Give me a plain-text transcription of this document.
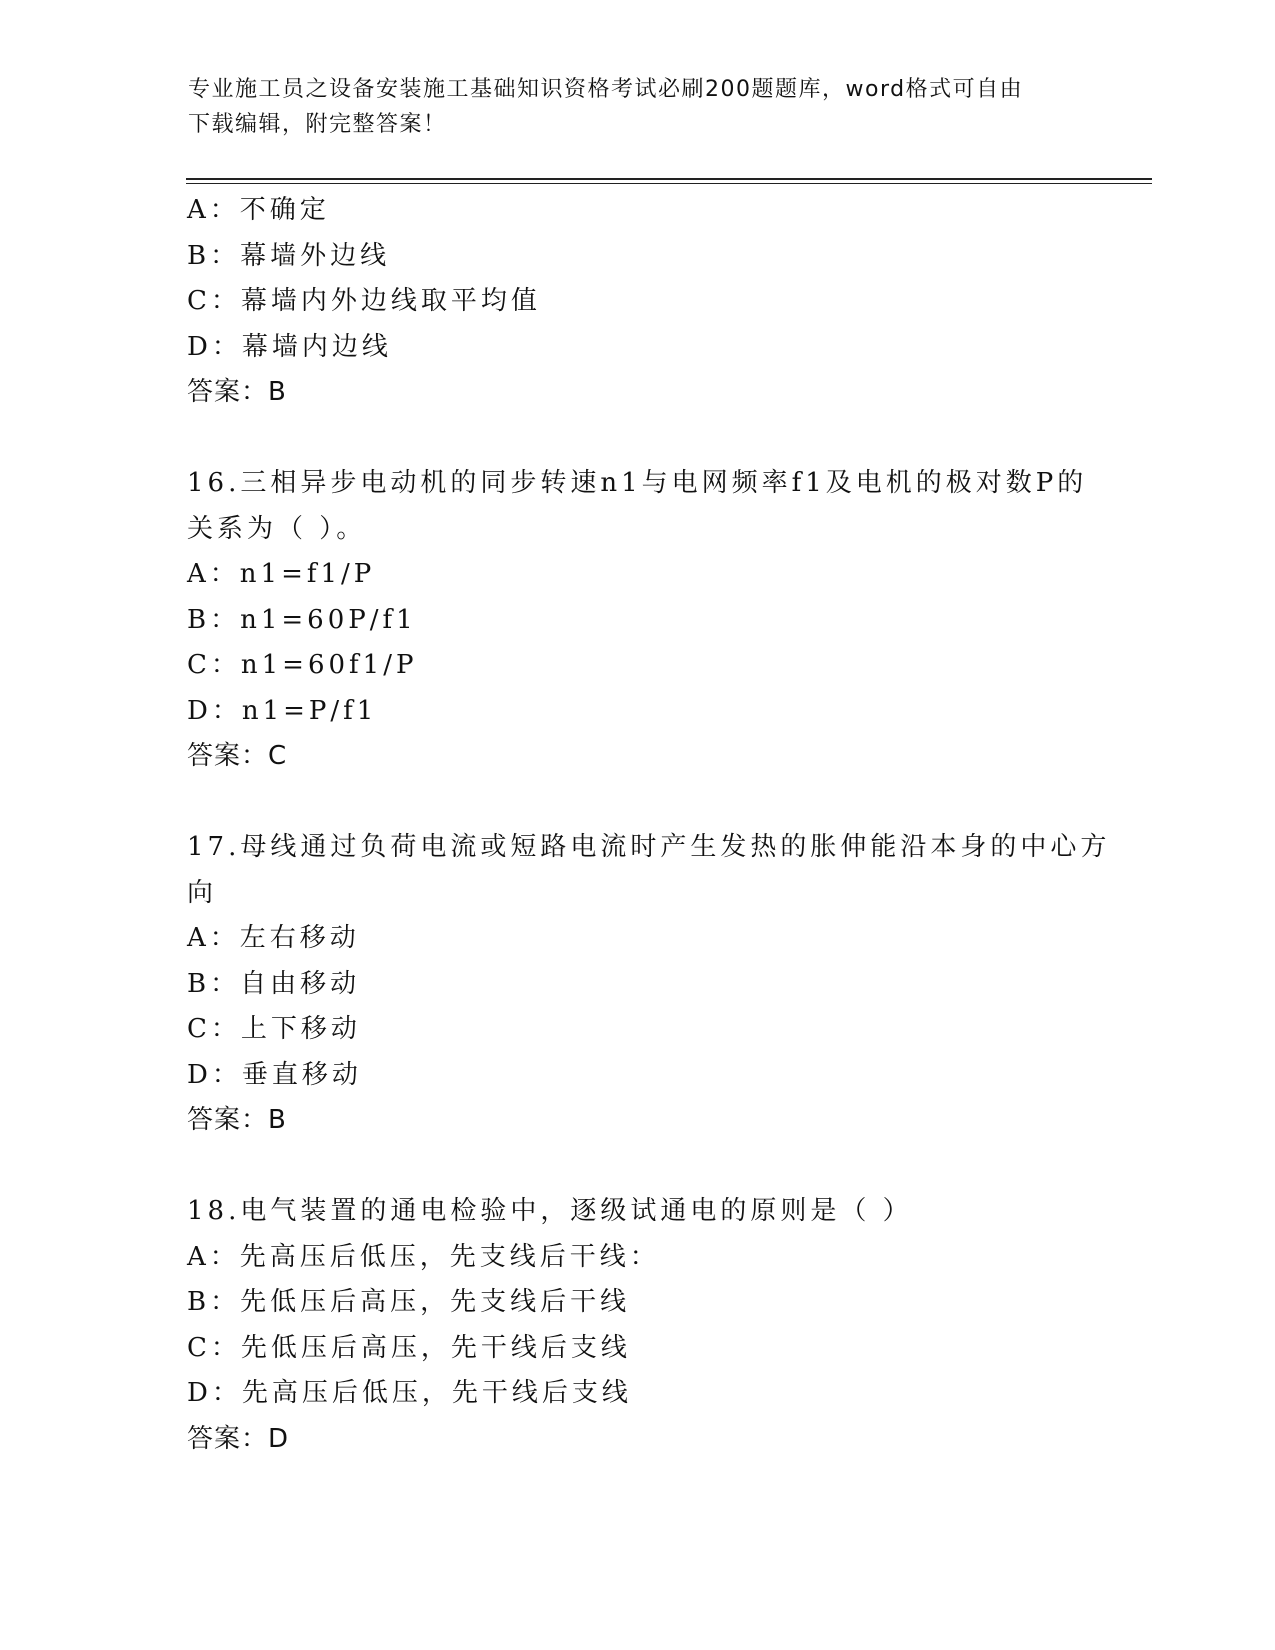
专业施工员之设备安装施工基础知识资格考试必刷200题题库，word格式可自由
下载编辑，附完整答案！
A：不确定
B：幕墙外边线
C：幕墙内外边线取平均值
D：幕墙内边线
答案：B
16.三相异步电动机的同步转速n1与电网频率f1及电机的极对数P的
关系为（ ）。
A：n1=f1/P
B：n1=60P/f1
C：n1=60f1/P
D：n1=P/f1
答案：C
17.母线通过负荷电流或短路电流时产生发热的胀伸能沿本身的中心方
向
A：左右移动
B：自由移动
C：上下移动
D：垂直移动
答案：B
18.电气装置的通电检验中，逐级试通电的原则是（ ）
A：先高压后低压，先支线后干线：
B：先低压后高压，先支线后干线
C：先低压后高压，先干线后支线
D：先高压后低压，先干线后支线
答案：D
